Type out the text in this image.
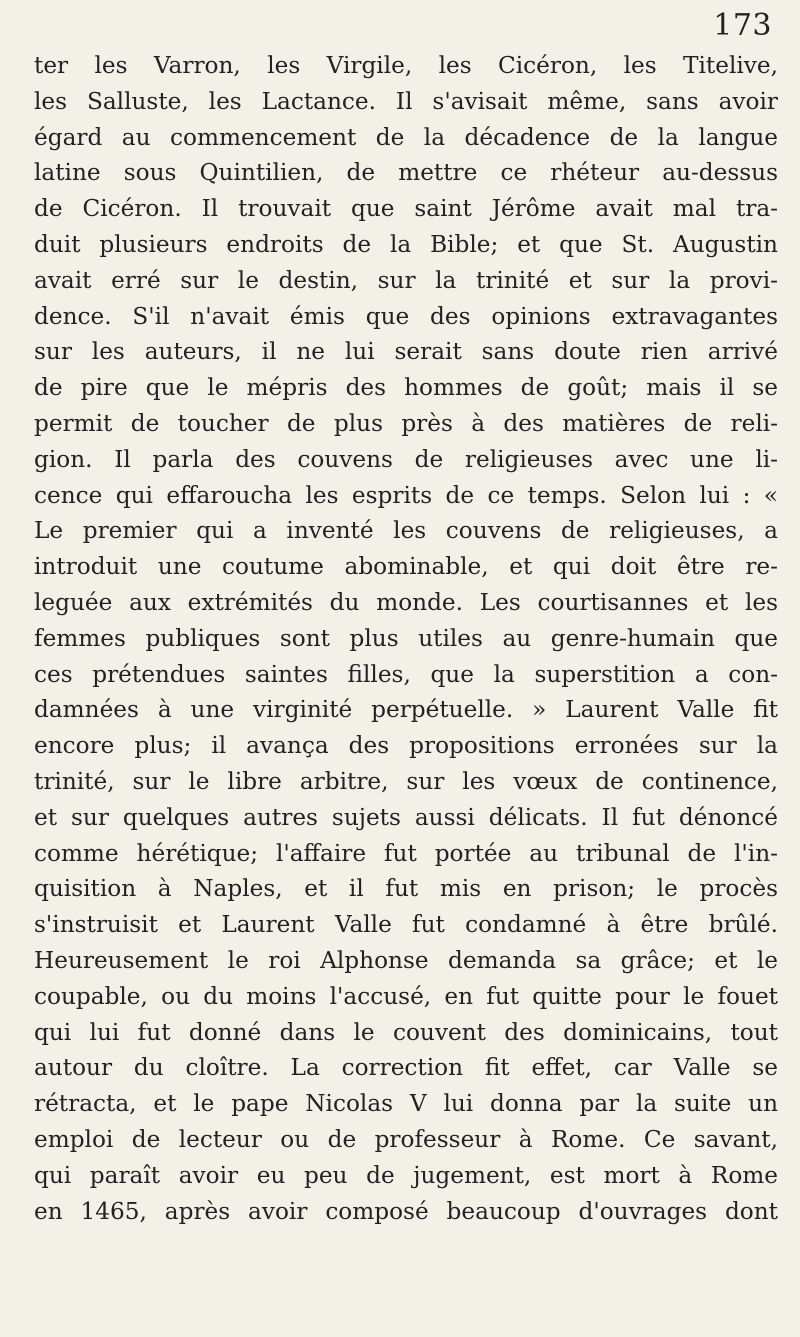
173
ter les Varron, les Virgile, les Cicéron, les Titelive,
les Salluste, les Lactance. Il s'avisait même, sans avoir
égard au commencement de la décadence de la langue
latine sous Quintilien, de mettre ce rhéteur au-dessus
de Cicéron. Il trouvait que saint Jérôme avait mal tra-
duit plusieurs endroits de la Bible; et que St. Augustin
avait erré sur le destin, sur la trinité et sur la provi-
dence. S'il n'avait émis que des opinions extravagantes
sur les auteurs, il ne lui serait sans doute rien arrivé
de pire que le mépris des hommes de goût; mais il se
permit de toucher de plus près à des matières de reli-
gion. Il parla des couvens de religieuses avec une li-
cence qui effaroucha les esprits de ce temps. Selon lui : «
Le premier qui a inventé les couvens de religieuses, a
introduit une coutume abominable, et qui doit être re-
leguée aux extrémités du monde. Les courtisannes et les
femmes publiques sont plus utiles au genre-humain que
ces prétendues saintes filles, que la superstition a con-
damnées à une virginité perpétuelle. » Laurent Valle fit
encore plus; il avança des propositions erronées sur la
trinité, sur le libre arbitre, sur les vœux de continence,
et sur quelques autres sujets aussi délicats. Il fut dénoncé
comme hérétique; l'affaire fut portée au tribunal de l'in-
quisition à Naples, et il fut mis en prison; le procès
s'instruisit et Laurent Valle fut condamné à être brûlé.
Heureusement le roi Alphonse demanda sa grâce; et le
coupable, ou du moins l'accusé, en fut quitte pour le fouet
qui lui fut donné dans le couvent des dominicains, tout
autour du cloître. La correction fit effet, car Valle se
rétracta, et le pape Nicolas V lui donna par la suite un
emploi de lecteur ou de professeur à Rome. Ce savant,
qui paraît avoir eu peu de jugement, est mort à Rome
en 1465, après avoir composé beaucoup d'ouvrages dont
